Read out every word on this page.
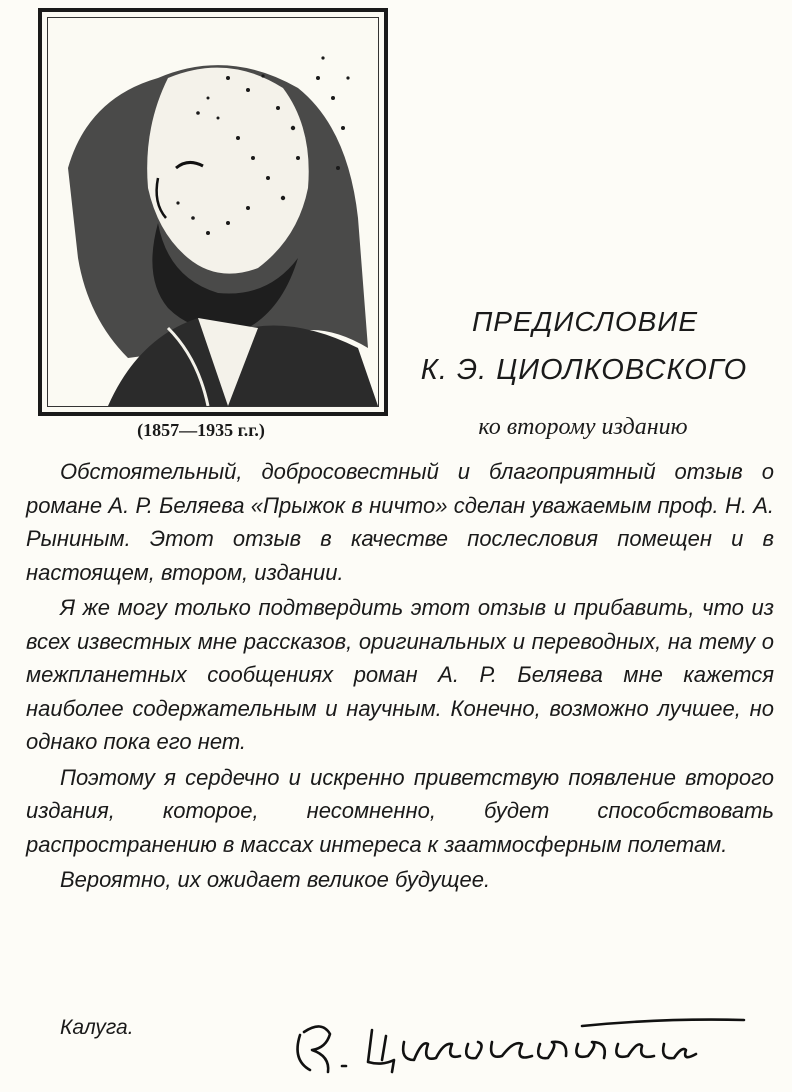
(1857—1935 г.г.)
ПРЕДИСЛОВИЕ
К. Э. ЦИОЛКОВСКОГО
ко второму изданию

Обстоятельный, добросовестный и благоприятный отзыв о романе А. Р. Беляева «Прыжок в ничто» сделан уважаемым проф. Н. А. Рыниным. Этот отзыв в качестве послесловия помещен и в настоящем, втором, издании.

Я же могу только подтвердить этот отзыв и прибавить, что из всех известных мне рассказов, оригинальных и переводных, на тему о межпланетных сообщениях роман А. Р. Беляева мне кажется наиболее содержательным и научным. Конечно, возможно лучшее, но однако пока его нет.

Поэтому я сердечно и искренно приветствую появление второго издания, которое, несомненно, будет способствовать распространению в массах интереса к заатмосферным полетам.

Вероятно, их ожидает великое будущее.

Калуга.
